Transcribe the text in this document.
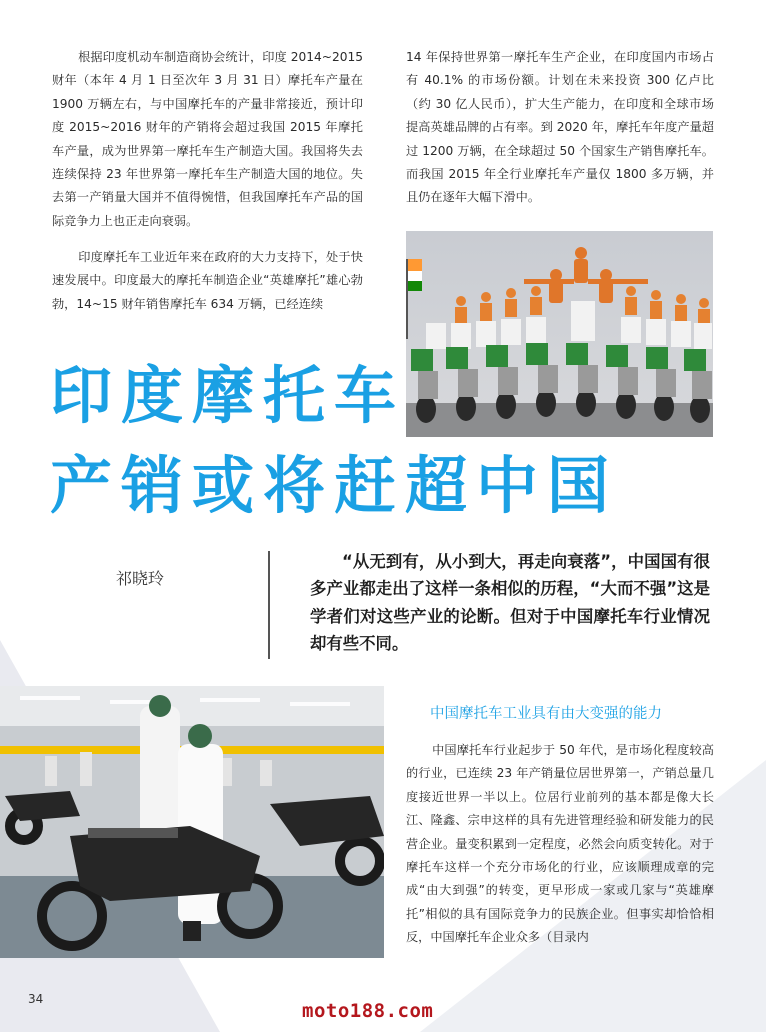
根据印度机动车制造商协会统计，印度 2014~2015 财年（本年 4 月 1 日至次年 3 月 31 日）摩托车产量在 1900 万辆左右，与中国摩托车的产量非常接近，预计印度 2015~2016 财年的产销将会超过我国 2015 年摩托车产量，成为世界第一摩托车生产制造大国。我国将失去连续保持 23 年世界第一摩托车生产制造大国的地位。失去第一产销量大国并不值得惋惜，但我国摩托车产品的国际竞争力上也正走向衰弱。

印度摩托车工业近年来在政府的大力支持下，处于快速发展中。印度最大的摩托车制造企业“英雄摩托”雄心勃勃，14~15 财年销售摩托车 634 万辆，已经连续

14 年保持世界第一摩托车生产企业，在印度国内市场占有 40.1% 的市场份额。计划在未来投资 300 亿卢比（约 30 亿人民币），扩大生产能力，在印度和全球市场提高英雄品牌的占有率。到 2020 年，摩托车年度产量超过 1200 万辆，在全球超过 50 个国家生产销售摩托车。而我国 2015 年全行业摩托车产量仅 1800 多万辆，并且仍在逐年大幅下滑中。

印度摩托车
产销或将赶超中国
祁晓玲

“从无到有，从小到大，再走向衰落”，中国国有很多产业都走出了这样一条相似的历程，“大而不强”这是学者们对这些产业的论断。但对于中国摩托车行业情况却有些不同。

中国摩托车工业具有由大变强的能力

中国摩托车行业起步于 50 年代，是市场化程度较高的行业，已连续 23 年产销量位居世界第一，产销总量几度接近世界一半以上。位居行业前列的基本都是像大长江、隆鑫、宗申这样的具有先进管理经验和研发能力的民营企业。量变积累到一定程度，必然会向质变转化。对于摩托车这样一个充分市场化的行业，应该顺理成章的完成“由大到强”的转变，更早形成一家或几家与“英雄摩托”相似的具有国际竞争力的民族企业。但事实却恰恰相反，中国摩托车企业众多（目录内

34
moto188.com
